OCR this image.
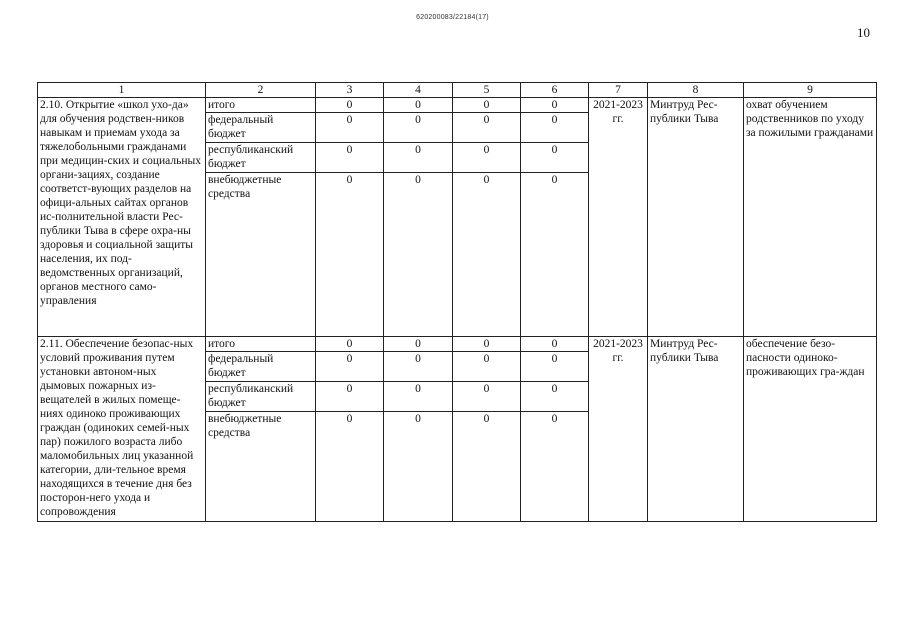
620200083/22184(17)
10
1	2	3	4	5	6	7	8	9
2.10. Открытие «школ ухо-да» для обучения родствен-ников навыкам и приемам ухода за тяжелобольными гражданами при медицин-ских и социальных органи-зациях, создание соответст-вующих разделов на офици-альных сайтах органов ис-полнительной власти Рес-публики Тыва в сфере охра-ны здоровья и социальной защиты населения, их под-ведомственных организаций, органов местного само-управления	итого	0	0	0	0	2021-2023 гг.	Минтруд Рес-публики Тыва	охват обучением родственников по уходу за пожилыми гражданами
	федеральный бюджет	0	0	0	0			
	республиканский бюджет	0	0	0	0			
	внебюджетные средства	0	0	0	0			
2.11. Обеспечение безопас-ных условий проживания путем установки автоном-ных дымовых пожарных из-вещателей в жилых помеще-ниях одиноко проживающих граждан (одиноких семей-ных пар) пожилого возраста либо маломобильных лиц указанной категории, дли-тельное время находящихся в течение дня без посторон-него ухода и сопровождения	итого	0	0	0	0	2021-2023 гг.	Минтруд Рес-публики Тыва	обеспечение безо-пасности одиноко-проживающих гра-ждан
	федеральный бюджет	0	0	0	0			
	республиканский бюджет	0	0	0	0			
	внебюджетные средства	0	0	0	0			
